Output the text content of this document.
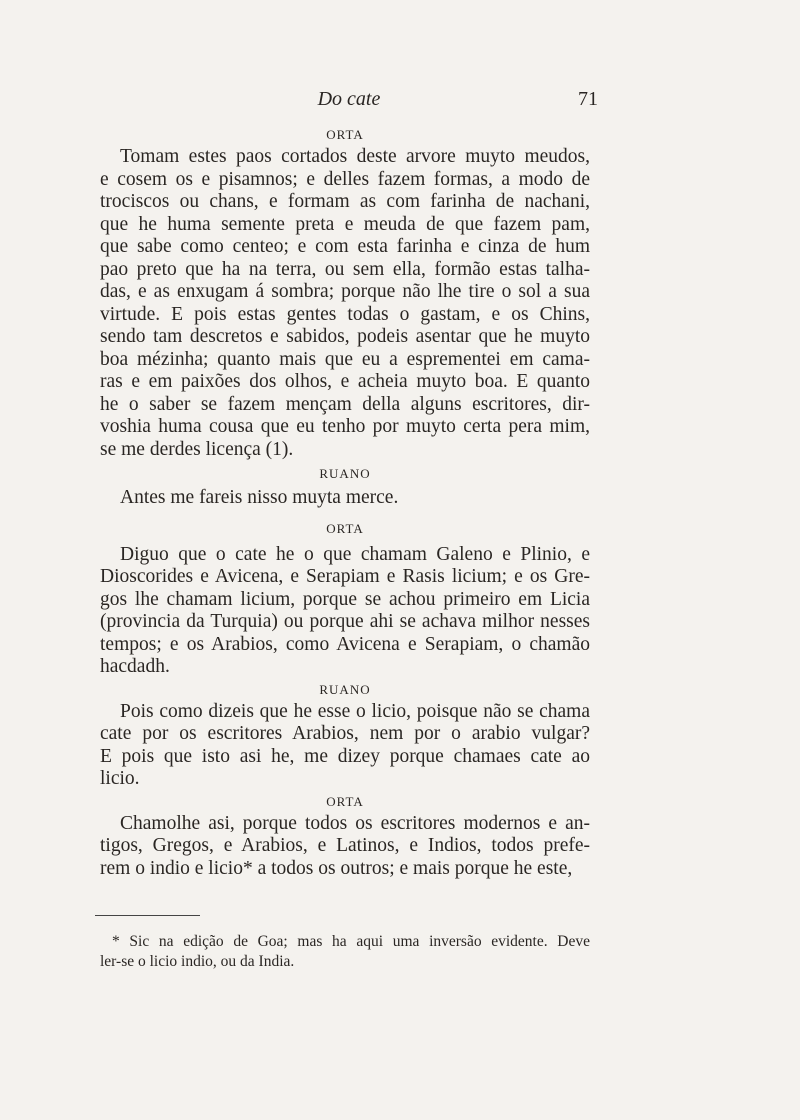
Do cate	71
ORTA
Tomam estes paos cortados deste arvore muyto meudos,
e cosem os e pisamnos; e delles fazem formas, a modo de
trociscos ou chans, e formam as com farinha de nachani,
que he huma semente preta e meuda de que fazem pam,
que sabe como centeo; e com esta farinha e cinza de hum
pao preto que ha na terra, ou sem ella, formão estas talha-
das, e as enxugam á sombra; porque não lhe tire o sol a sua
virtude. E pois estas gentes todas o gastam, e os Chins,
sendo tam descretos e sabidos, podeis asentar que he muyto
boa mézinha; quanto mais que eu a esprementei em cama-
ras e em paixões dos olhos, e acheia muyto boa. E quanto
he o saber se fazem mençam della alguns escritores, dir-
voshia huma cousa que eu tenho por muyto certa pera mim,
se me derdes licença (1).
RUANO
Antes me fareis nisso muyta merce.
ORTA
Diguo que o cate he o que chamam Galeno e Plinio, e
Dioscorides e Avicena, e Serapiam e Rasis licium; e os Gre-
gos lhe chamam licium, porque se achou primeiro em Licia
(provincia da Turquia) ou porque ahi se achava milhor nesses
tempos; e os Arabios, como Avicena e Serapiam, o chamão
hacdadh.
RUANO
Pois como dizeis que he esse o licio, poisque não se chama
cate por os escritores Arabios, nem por o arabio vulgar?
E pois que isto asi he, me dizey porque chamaes cate ao
licio.
ORTA
Chamolhe asi, porque todos os escritores modernos e an-
tigos, Gregos, e Arabios, e Latinos, e Indios, todos prefe-
rem o indio e licio* a todos os outros; e mais porque he este,
* Sic na edição de Goa; mas ha aqui uma inversão evidente. Deve
ler-se o licio indio, ou da India.
